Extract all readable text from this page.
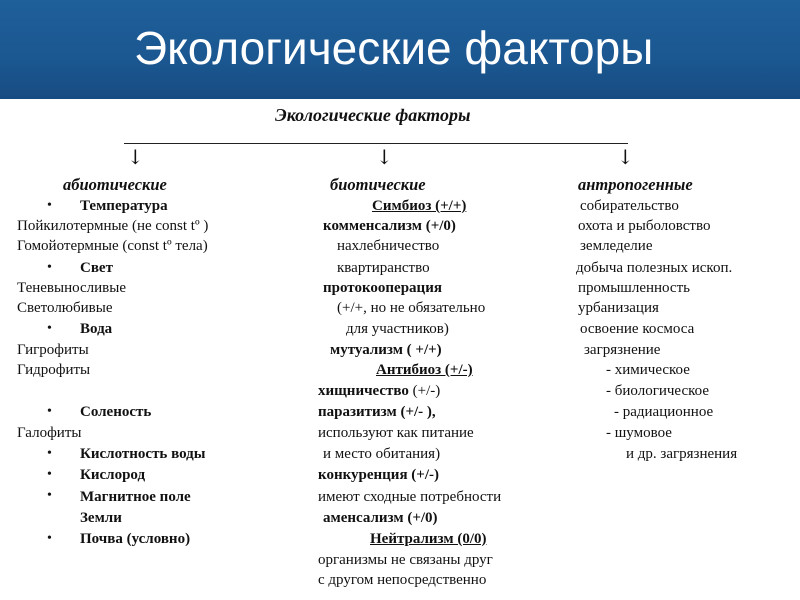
Экологические факторы
Экологические факторы
↓	↓	↓
абиотические	биотические	антропогенные
• Температура
Пойкилотермные (не const tº )
Гомойотермные (const tº тела)
• Свет
Теневыносливые
Светолюбивые
• Вода
Гигрофиты
Гидрофиты
• Соленость
Галофиты
• Кислотность воды
• Кислород
• Магнитное поле
Земли
• Почва (условно)
Симбиоз (+/+)
комменсализм (+/0)
нахлебничество
квартиранство
протокооперация
(+/+, но не обязательно
для участников)
мутуализм ( +/+)
Антибиоз (+/-)
хищничество (+/-)
паразитизм (+/- ),
используют как питание
и место обитания)
конкуренция (+/-)
имеют сходные потребности
аменсализм (+/0)
Нейтрализм (0/0)
организмы не связаны друг
с другом непосредственно
собирательство
охота и рыболовство
земледелие
добыча полезных ископ.
промышленность
урбанизация
освоение космоса
загрязнение
- химическое
- биологическое
- радиационное
- шумовое
и др. загрязнения
